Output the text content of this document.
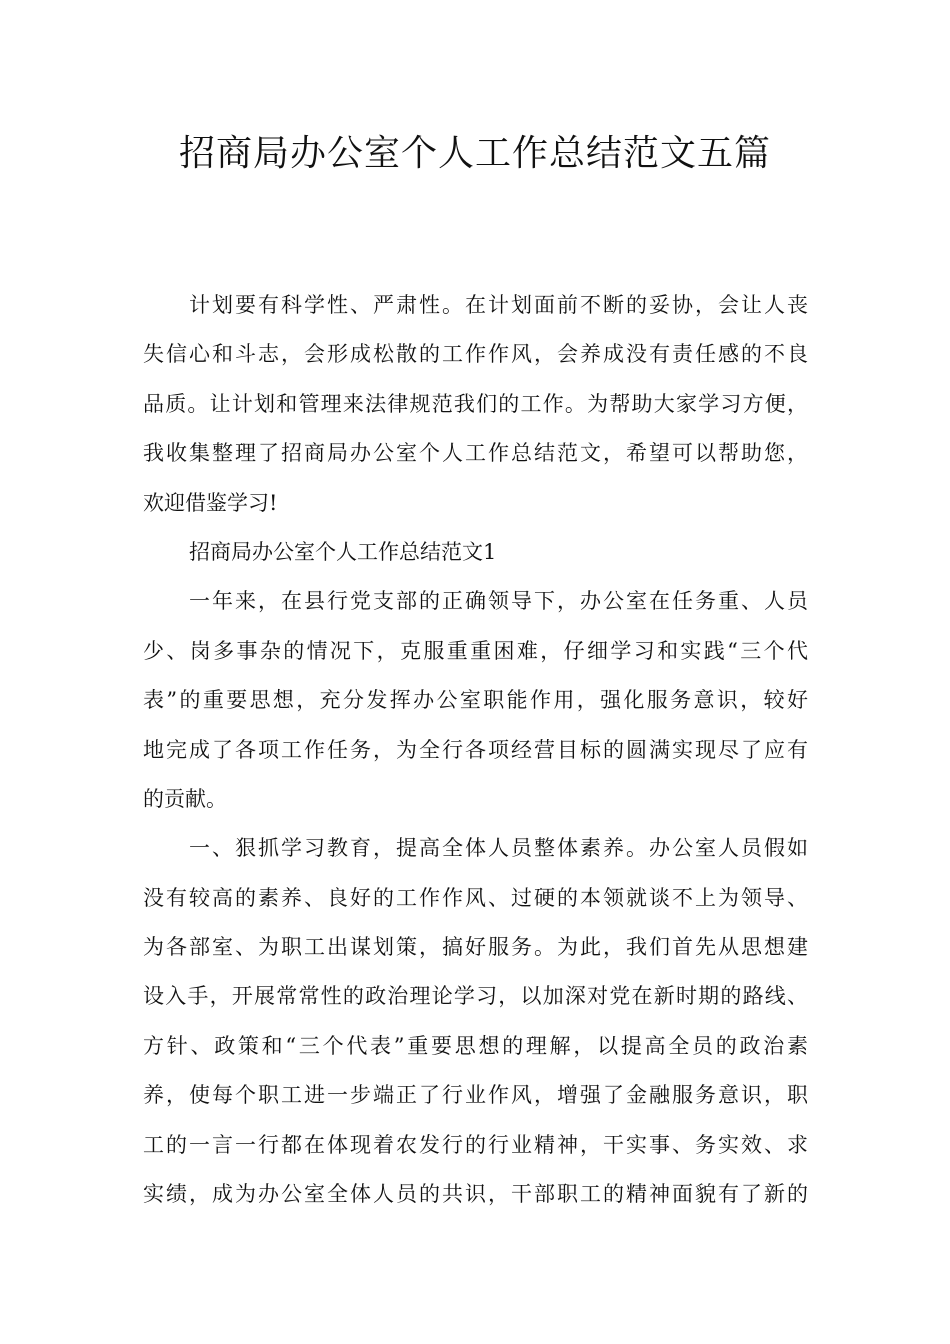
招商局办公室个人工作总结范文五篇
计划要有科学性、严肃性。在计划面前不断的妥协，会让人丧
失信心和斗志，会形成松散的工作作风，会养成没有责任感的不良
品质。让计划和管理来法律规范我们的工作。为帮助大家学习方便，
我收集整理了招商局办公室个人工作总结范文，希望可以帮助您，
欢迎借鉴学习!
招商局办公室个人工作总结范文1
一年来，在县行党支部的正确领导下，办公室在任务重、人员
少、岗多事杂的情况下，克服重重困难，仔细学习和实践“三个代
表”的重要思想，充分发挥办公室职能作用，强化服务意识，较好
地完成了各项工作任务，为全行各项经营目标的圆满实现尽了应有
的贡献。
一、狠抓学习教育，提高全体人员整体素养。办公室人员假如
没有较高的素养、良好的工作作风、过硬的本领就谈不上为领导、
为各部室、为职工出谋划策，搞好服务。为此，我们首先从思想建
设入手，开展常常性的政治理论学习，以加深对党在新时期的路线、
方针、政策和“三个代表”重要思想的理解，以提高全员的政治素
养，使每个职工进一步端正了行业作风，增强了金融服务意识，职
工的一言一行都在体现着农发行的行业精神，干实事、务实效、求
实绩，成为办公室全体人员的共识，干部职工的精神面貌有了新的
